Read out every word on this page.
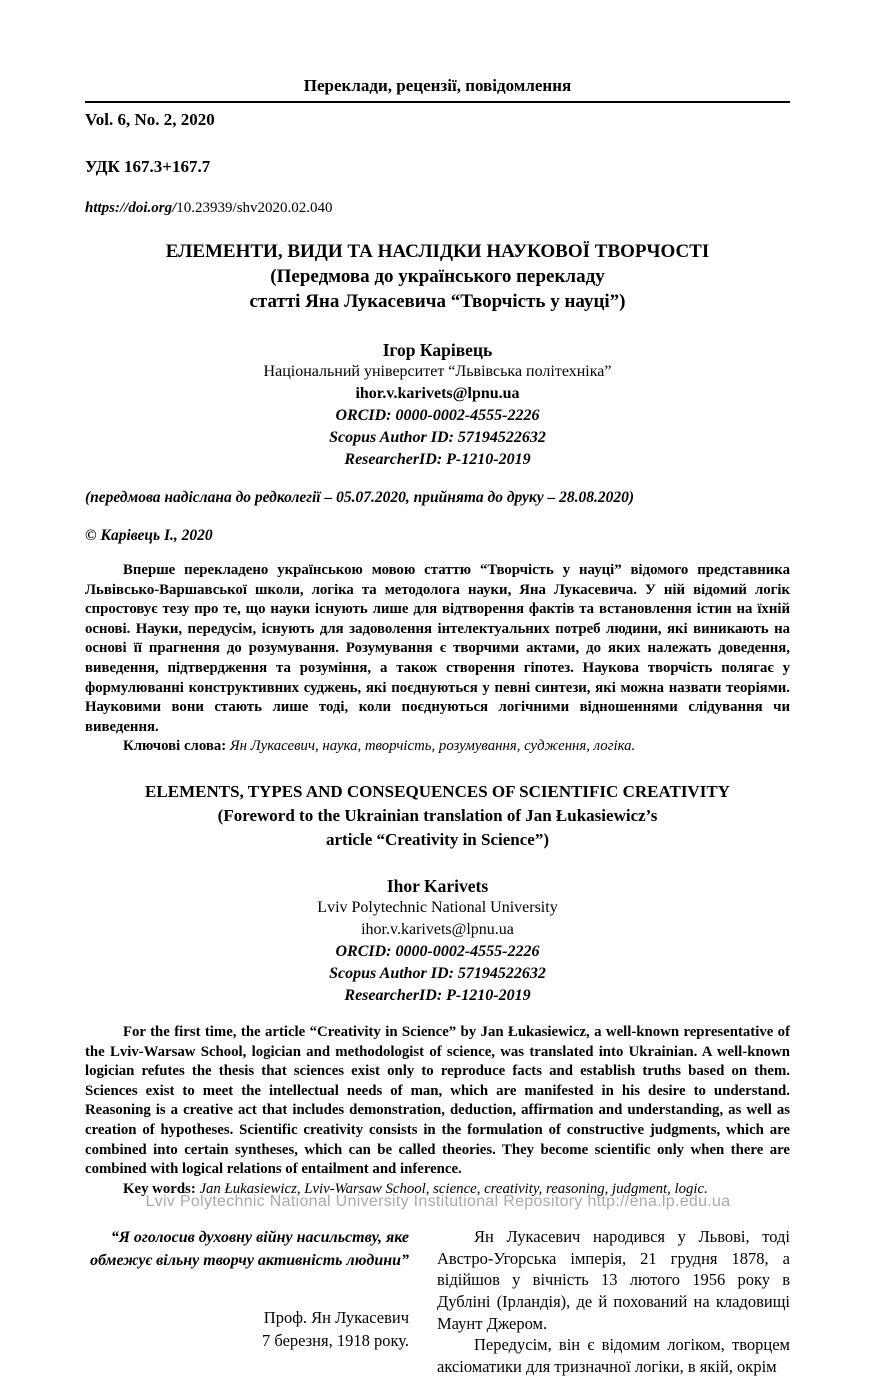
Переклади, рецензії, повідомлення
Vol. 6, No. 2, 2020
УДК 167.3+167.7
https://doi.org/10.23939/shv2020.02.040
ЕЛЕМЕНТИ, ВИДИ ТА НАСЛІДКИ НАУКОВОЇ ТВОРЧОСТІ
(Передмова до українського перекладу
статті Яна Лукасевича “Творчість у науці”)
Ігор Карівець
Національний університет “Львівська політехніка”
ihor.v.karivets@lpnu.ua
ORCID: 0000-0002-4555-2226
Scopus Author ID: 57194522632
ResearcherID: P-1210-2019
(передмова надіслана до редколегії – 05.07.2020, прийнята до друку – 28.08.2020)
© Карівець І., 2020
Вперше перекладено українською мовою статтю “Творчість у науці” відомого представника Львівсько-Варшавської школи, логіка та методолога науки, Яна Лукасевича. У ній відомий логік спростовує тезу про те, що науки існують лише для відтворення фактів та встановлення істин на їхній основі. Науки, передусім, існують для задоволення інтелектуальних потреб людини, які виникають на основі її прагнення до розумування. Розумування є творчими актами, до яких належать доведення, виведення, підтвердження та розуміння, а також створення гіпотез. Наукова творчість полягає у формулюванні конструктивних суджень, які поєднуються у певні синтези, які можна назвати теоріями. Науковими вони стають лише тоді, коли поєднуються логічними відношеннями слідування чи виведення.
Ключові слова: Ян Лукасевич, наука, творчість, розумування, судження, логіка.
ELEMENTS, TYPES AND CONSEQUENCES OF SCIENTIFIC CREATIVITY
(Foreword to the Ukrainian translation of Jan Łukasiewicz’s
article “Creativity in Science”)
Ihor Karivets
Lviv Polytechnic National University
ihor.v.karivets@lpnu.ua
ORCID: 0000-0002-4555-2226
Scopus Author ID: 57194522632
ResearcherID: P-1210-2019
For the first time, the article “Creativity in Science” by Jan Łukasiewicz, a well-known representative of the Lviv-Warsaw School, logician and methodologist of science, was translated into Ukrainian. A well-known logician refutes the thesis that sciences exist only to reproduce facts and establish truths based on them. Sciences exist to meet the intellectual needs of man, which are manifested in his desire to understand. Reasoning is a creative act that includes demonstration, deduction, affirmation and understanding, as well as creation of hypotheses. Scientific creativity consists in the formulation of constructive judgments, which are combined into certain syntheses, which can be called theories. They become scientific only when there are combined with logical relations of entailment and inference.
Key words: Jan Łukasiewicz, Lviv-Warsaw School, science, creativity, reasoning, judgment, logic.
“Я оголосив духовну війну насильству, яке
обмежує вільну творчу активність людини”
Проф. Ян Лукасевич
7 березня, 1918 року.

Ян Лукасевич народився у Львові, тоді Австро-Угорська імперія, 21 грудня 1878, а відійшов у вічність 13 лютого 1956 року в Дубліні (Ірландія), де й похований на кладовищі Маунт Джером.

Передусім, він є відомим логіком, творцем аксіоматики для тризначної логіки, в якій, окрім

Lviv Polytechnic National University Institutional Repository http://ena.lp.edu.ua
